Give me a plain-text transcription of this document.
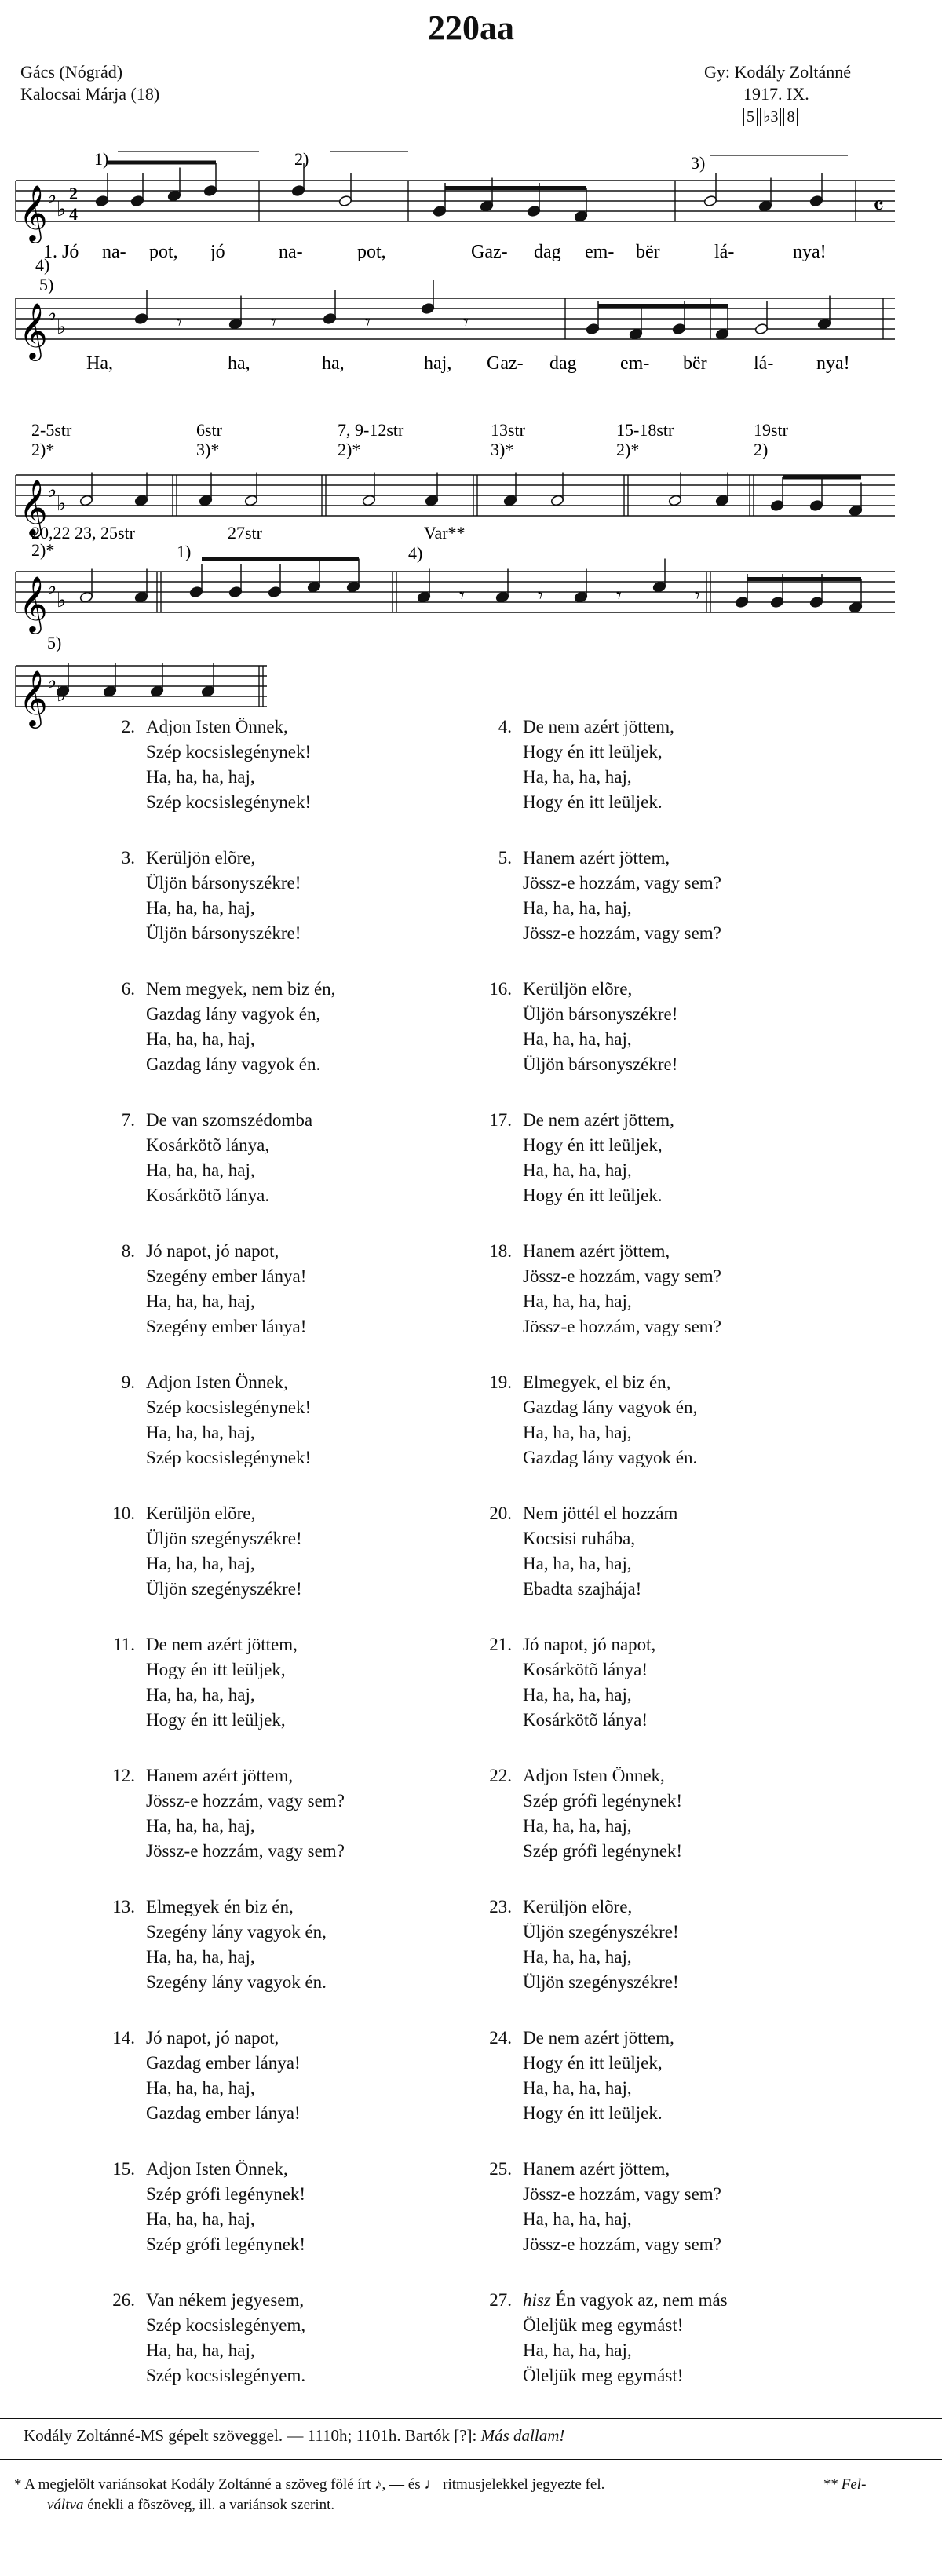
220aa
Gács (Nógrád)
Kalocsai Márja (18)
Gy: Kodály Zoltánné
1917. IX.
5 ♭3 8
𝄞 ♭
♭
2
4	𝄴
𝄞 ♭
♭
𝄞 ♭
♭
𝄞 ♭
♭
𝄞 ♭
𝄾	𝄾	𝄾	𝄾
𝄾	𝄾	𝄾	𝄾
1. Jó na- pot, jó	na-	pot,	Gaz- dag em- bër	lá-	nya!
1)	2)	3)
4)
Ha,	ha,	ha,	haj, Gaz- dag em- bër lá- nya!
5)
2-5str	6str	7, 9-12str	13str	15-18str	19str
2)*	3)*	2)*	3)*	2)*	2)
20,22 23, 25str	27str	Var**
2)*	1)	4)
5)
2. Adjon Isten Önnek,
Szép kocsislegénynek!
Ha, ha, ha, haj,
Szép kocsislegénynek!
3. Kerüljön elõre,
Üljön bársonyszékre!
Ha, ha, ha, haj,
Üljön bársonyszékre!
6. Nem megyek, nem biz én,
Gazdag lány vagyok én,
Ha, ha, ha, haj,
Gazdag lány vagyok én.
7. De van szomszédomba
Kosárkötõ lánya,
Ha, ha, ha, haj,
Kosárkötõ lánya.
8. Jó napot, jó napot,
Szegény ember lánya!
Ha, ha, ha, haj,
Szegény ember lánya!
9. Adjon Isten Önnek,
Szép kocsislegénynek!
Ha, ha, ha, haj,
Szép kocsislegénynek!
10. Kerüljön elõre,
Üljön szegényszékre!
Ha, ha, ha, haj,
Üljön szegényszékre!
11. De nem azért jöttem,
Hogy én itt leüljek,
Ha, ha, ha, haj,
Hogy én itt leüljek,
12. Hanem azért jöttem,
Jössz-e hozzám, vagy sem?
Ha, ha, ha, haj,
Jössz-e hozzám, vagy sem?
13. Elmegyek én biz én,
Szegény lány vagyok én,
Ha, ha, ha, haj,
Szegény lány vagyok én.
14. Jó napot, jó napot,
Gazdag ember lánya!
Ha, ha, ha, haj,
Gazdag ember lánya!
15. Adjon Isten Önnek,
Szép grófi legénynek!
Ha, ha, ha, haj,
Szép grófi legénynek!
26. Van nékem jegyesem,
Szép kocsislegényem,
Ha, ha, ha, haj,
Szép kocsislegényem.
4. De nem azért jöttem,
Hogy én itt leüljek,
Ha, ha, ha, haj,
Hogy én itt leüljek.
5. Hanem azért jöttem,
Jössz-e hozzám, vagy sem?
Ha, ha, ha, haj,
Jössz-e hozzám, vagy sem?
16. Kerüljön elõre,
Üljön bársonyszékre!
Ha, ha, ha, haj,
Üljön bársonyszékre!
17. De nem azért jöttem,
Hogy én itt leüljek,
Ha, ha, ha, haj,
Hogy én itt leüljek.
18. Hanem azért jöttem,
Jössz-e hozzám, vagy sem?
Ha, ha, ha, haj,
Jössz-e hozzám, vagy sem?
19. Elmegyek, el biz én,
Gazdag lány vagyok én,
Ha, ha, ha, haj,
Gazdag lány vagyok én.
20. Nem jöttél el hozzám
Kocsisi ruhába,
Ha, ha, ha, haj,
Ebadta szajhája!
21. Jó napot, jó napot,
Kosárkötõ lánya!
Ha, ha, ha, haj,
Kosárkötõ lánya!
22. Adjon Isten Önnek,
Szép grófi legénynek!
Ha, ha, ha, haj,
Szép grófi legénynek!
23. Kerüljön elõre,
Üljön szegényszékre!
Ha, ha, ha, haj,
Üljön szegényszékre!
24. De nem azért jöttem,
Hogy én itt leüljek,
Ha, ha, ha, haj,
Hogy én itt leüljek.
25. Hanem azért jöttem,
Jössz-e hozzám, vagy sem?
Ha, ha, ha, haj,
Jössz-e hozzám, vagy sem?
27. hisz Én vagyok az, nem más
Öleljük meg egymást!
Ha, ha, ha, haj,
Öleljük meg egymást!
Kodály Zoltánné-MS gépelt szöveggel. — 1110h; 1101h. Bartók [?]: Más dallam!
* A megjelölt variánsokat Kodály Zoltánné a szöveg fölé írt ♪, — és ♩ ritmusjelekkel jegyezte fel.	** Fel-
váltva énekli a fõszöveg, ill. a variánsok szerint.
